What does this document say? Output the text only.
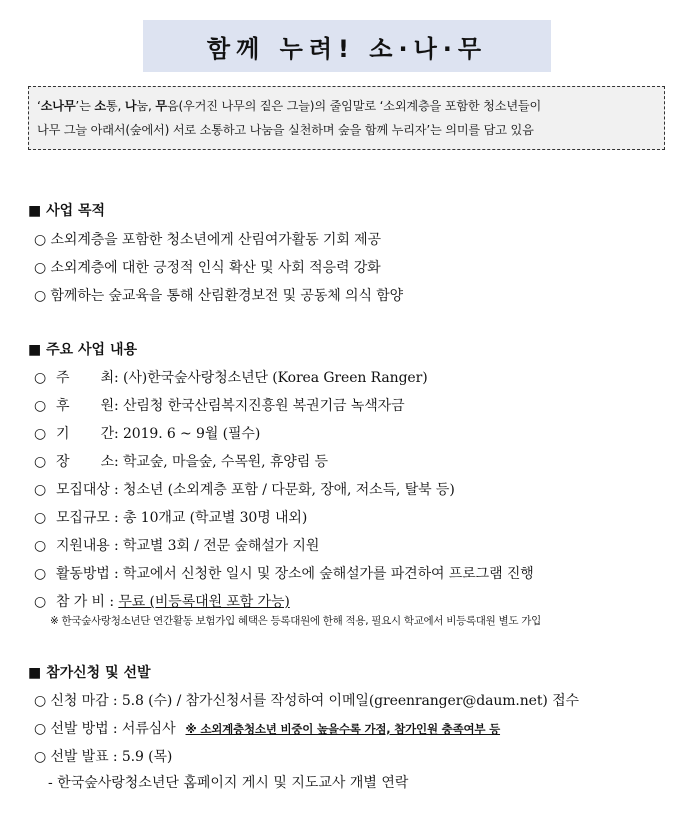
함께 누려! 소·나·무
‘소나무’는 소통, 나눔, 무음(우거진 나무의 짙은 그늘)의 줄임말로 ‘소외계층을 포함한 청소년들이
나무 그늘 아래서(숲에서) 서로 소통하고 나눔을 실천하며 숲을 함께 누리자’는 의미를 담고 있음
■ 사업 목적
○ 소외계층을 포함한 청소년에게 산림여가활동 기회 제공
○ 소외계층에 대한 긍정적 인식 확산 및 사회 적응력 강화
○ 함께하는 숲교육을 통해 산림환경보전 및 공동체 의식 함양
■ 주요 사업 내용
○ 주 최 : (사)한국숲사랑청소년단 (Korea Green Ranger)
○ 후 원 : 산림청 한국산림복지진흥원 복권기금 녹색자금
○ 기 간 : 2019. 6 ~ 9월 (필수)
○ 장 소 : 학교숲, 마을숲, 수목원, 휴양림 등
○ 모집대상 : 청소년 (소외계층 포함 / 다문화, 장애, 저소득, 탈북 등)
○ 모집규모 : 총 10개교 (학교별 30명 내외)
○ 지원내용 : 학교별 3회 / 전문 숲해설가 지원
○ 활동방법 : 학교에서 신청한 일시 및 장소에 숲해설가를 파견하여 프로그램 진행
○ 참 가 비 : 무료 (비등록대원 포함 가능)
※ 한국숲사랑청소년단 연간활동 보험가입 혜택은 등록대원에 한해 적용, 필요시 학교에서 비등록대원 별도 가입
■ 참가신청 및 선발
○ 신청 마감 : 5.8 (수) / 참가신청서를 작성하여 이메일(greenranger@daum.net) 접수
○ 선발 방법 : 서류심사 ※ 소외계층청소년 비중이 높을수록 가점, 참가인원 충족여부 등
○ 선발 발표 : 5.9 (목)
- 한국숲사랑청소년단 홈페이지 게시 및 지도교사 개별 연락
